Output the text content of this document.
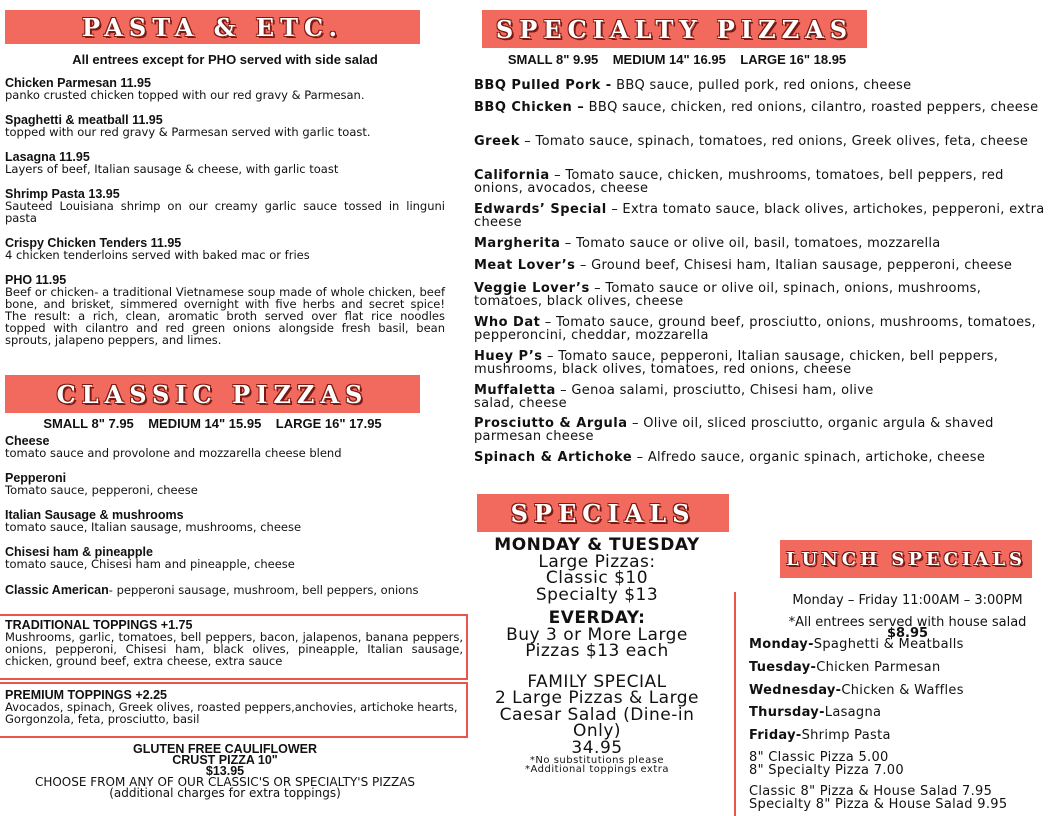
PASTA & ETC.
All entrees except for PHO served with side salad
Chicken Parmesan 11.95
panko crusted chicken topped with our red gravy & Parmesan.
Spaghetti & meatball 11.95
topped with our red gravy & Parmesan served with garlic toast.
Lasagna 11.95
Layers of beef, Italian sausage & cheese, with garlic toast
Shrimp Pasta 13.95
Sauteed Louisiana shrimp on our creamy garlic sauce tossed in linguni pasta
Crispy Chicken Tenders 11.95
4 chicken tenderloins served with baked mac or fries
PHO 11.95
Beef or chicken- a traditional Vietnamese soup made of whole chicken, beef bone, and brisket, simmered overnight with five herbs and secret spice! The result: a rich, clean, aromatic broth served over flat rice noodles topped with cilantro and red green onions alongside fresh basil, bean sprouts, jalapeno peppers, and limes.
CLASSIC PIZZAS
SMALL 8" 7.95    MEDIUM 14" 15.95    LARGE 16" 17.95
Cheese
tomato sauce and provolone and mozzarella cheese blend
Pepperoni
Tomato sauce, pepperoni, cheese
Italian Sausage & mushrooms
tomato sauce, Italian sausage, mushrooms, cheese
Chisesi ham & pineapple
tomato sauce, Chisesi ham and pineapple, cheese
Classic American- pepperoni sausage, mushroom, bell peppers, onions
TRADITIONAL TOPPINGS +1.75
Mushrooms, garlic, tomatoes, bell peppers, bacon, jalapenos, banana peppers, onions, pepperoni, Chisesi ham, black olives, pineapple, Italian sausage, chicken, ground beef, extra cheese, extra sauce
PREMIUM TOPPINGS +2.25
Avocados, spinach, Greek olives, roasted peppers,anchovies, artichoke hearts, Gorgonzola, feta, prosciutto, basil
GLUTEN FREE CAULIFLOWER CRUST PIZZA 10"
$13.95
CHOOSE FROM ANY OF OUR CLASSIC'S OR SPECIALTY'S PIZZAS (additional charges for extra toppings)
SPECIALTY PIZZAS
SMALL 8" 9.95    MEDIUM 14" 16.95    LARGE 16" 18.95
BBQ Pulled Pork - BBQ sauce, pulled pork, red onions, cheese
BBQ Chicken – BBQ sauce, chicken, red onions, cilantro, roasted peppers, cheese
Greek – Tomato sauce, spinach, tomatoes, red onions, Greek olives, feta, cheese
California – Tomato sauce, chicken, mushrooms, tomatoes, bell peppers, red onions, avocados, cheese
Edwards’ Special – Extra tomato sauce, black olives, artichokes, pepperoni, extra cheese
Margherita – Tomato sauce or olive oil, basil, tomatoes, mozzarella
Meat Lover’s – Ground beef, Chisesi ham, Italian sausage, pepperoni, cheese
Veggie Lover’s – Tomato sauce or olive oil, spinach, onions, mushrooms, tomatoes, black olives, cheese
Who Dat – Tomato sauce, ground beef, prosciutto, onions, mushrooms, tomatoes, pepperoncini, cheddar, mozzarella
Huey P’s – Tomato sauce, pepperoni, Italian sausage, chicken, bell peppers, mushrooms, black olives, tomatoes, red onions, cheese
Muffaletta – Genoa salami, prosciutto, Chisesi ham, olive salad, cheese
Prosciutto & Argula – Olive oil, sliced prosciutto, organic argula & shaved parmesan cheese
Spinach & Artichoke – Alfredo sauce, organic spinach, artichoke, cheese
SPECIALS
MONDAY & TUESDAY
Large Pizzas:
Classic $10
Specialty $13
EVERDAY:
Buy 3 or More Large Pizzas $13 each
FAMILY SPECIAL
2 Large Pizzas & Large Caesar Salad (Dine-in Only)
34.95
*No substitutions please
*Additional toppings extra
LUNCH SPECIALS
Monday – Friday 11:00AM – 3:00PM
*All entrees served with house salad
$8.95
Monday-Spaghetti & Meatballs
Tuesday-Chicken Parmesan
Wednesday-Chicken & Waffles
Thursday-Lasagna
Friday-Shrimp Pasta
8" Classic Pizza 5.00
8" Specialty Pizza 7.00
Classic 8" Pizza & House Salad 7.95
Specialty 8" Pizza & House Salad 9.95
